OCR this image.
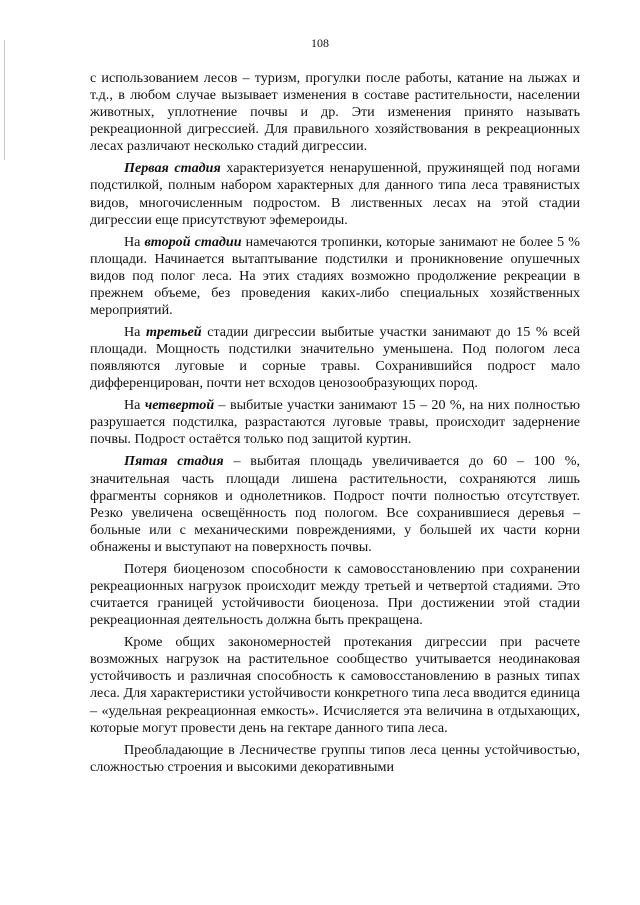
108

с использованием лесов – туризм, прогулки после работы, катание на лыжах и т.д., в любом случае вызывает изменения в составе растительности, населении животных, уплотнение почвы и др. Эти изменения принято называть рекреационной дигрессией. Для правильного хозяйствования в рекреационных лесах различают несколько стадий дигрессии.

Первая стадия характеризуется ненарушенной, пружинящей под ногами подстилкой, полным набором характерных для данного типа леса травянистых видов, многочисленным подростом. В лиственных лесах на этой стадии дигрессии еще присутствуют эфемероиды.

На второй стадии намечаются тропинки, которые занимают не более 5 % площади. Начинается вытаптывание подстилки и проникновение опушечных видов под полог леса. На этих стадиях возможно продолжение рекреации в прежнем объеме, без проведения каких-либо специальных хозяйственных мероприятий.

На третьей стадии дигрессии выбитые участки занимают до 15 % всей площади. Мощность подстилки значительно уменьшена. Под пологом леса появляются луговые и сорные травы. Сохранившийся подрост мало дифференцирован, почти нет всходов ценозообразующих пород.

На четвертой – выбитые участки занимают 15 – 20 %, на них полностью разрушается подстилка, разрастаются луговые травы, происходит задернение почвы. Подрост остаётся только под защитой куртин.

Пятая стадия – выбитая площадь увеличивается до 60 – 100 %, значительная часть площади лишена растительности, сохраняются лишь фрагменты сорняков и однолетников. Подрост почти полностью отсутствует. Резко увеличена освещённость под пологом. Все сохранившиеся деревья – больные или с механическими повреждениями, у большей их части корни обнажены и выступают на поверхность почвы.

Потеря биоценозом способности к самовосстановлению при сохранении рекреационных нагрузок происходит между третьей и четвертой стадиями. Это считается границей устойчивости биоценоза. При достижении этой стадии рекреационная деятельность должна быть прекращена.

Кроме общих закономерностей протекания дигрессии при расчете возможных нагрузок на растительное сообщество учитывается неодинаковая устойчивость и различная способность к самовосстановлению в разных типах леса. Для характеристики устойчивости конкретного типа леса вводится единица – «удельная рекреационная емкость». Исчисляется эта величина в отдыхающих, которые могут провести день на гектаре данного типа леса.

Преобладающие в Лесничестве группы типов леса ценны устойчивостью, сложностью строения и высокими декоративными
